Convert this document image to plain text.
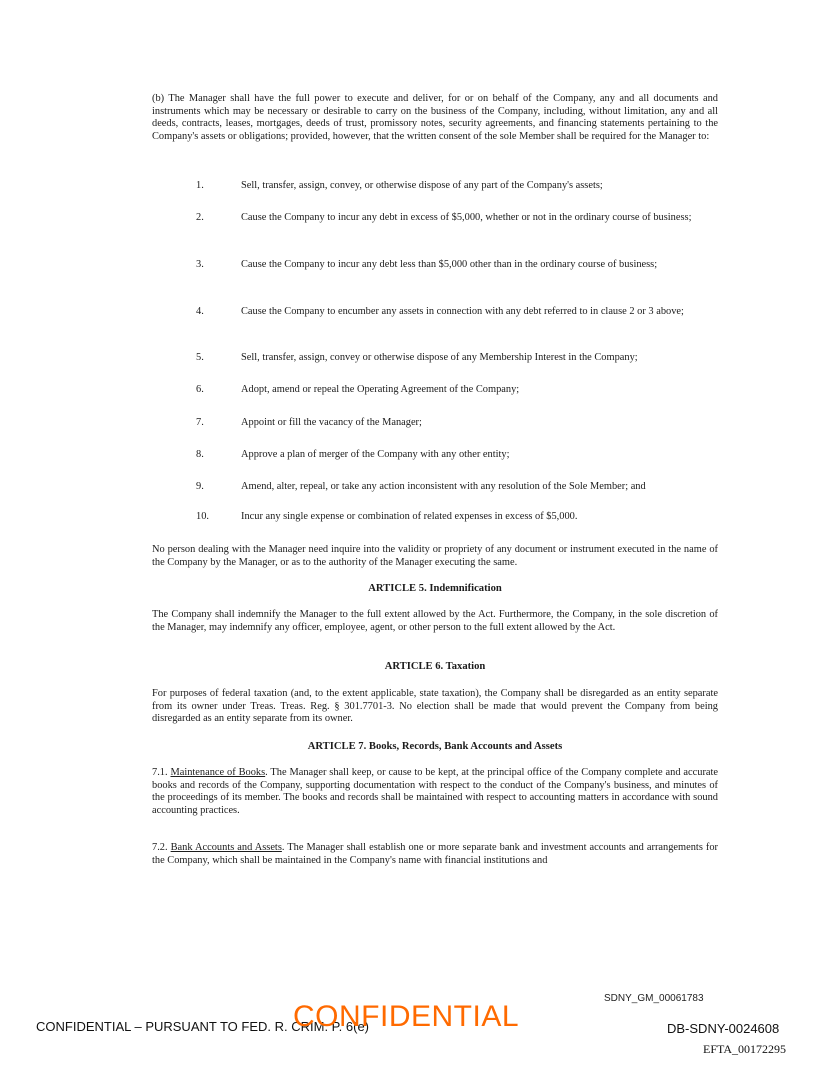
(b) The Manager shall have the full power to execute and deliver, for or on behalf of the Company, any and all documents and instruments which may be necessary or desirable to carry on the business of the Company, including, without limitation, any and all deeds, contracts, leases, mortgages, deeds of trust, promissory notes, security agreements, and financing statements pertaining to the Company's assets or obligations; provided, however, that the written consent of the sole Member shall be required for the Manager to:
1.	Sell, transfer, assign, convey, or otherwise dispose of any part of the Company's assets;
2.	Cause the Company to incur any debt in excess of $5,000, whether or not in the ordinary course of business;
3.	Cause the Company to incur any debt less than $5,000 other than in the ordinary course of business;
4.	Cause the Company to encumber any assets in connection with any debt referred to in clause 2 or 3 above;
5.	Sell, transfer, assign, convey or otherwise dispose of any Membership Interest in the Company;
6.	Adopt, amend or repeal the Operating Agreement of the Company;
7.	Appoint or fill the vacancy of the Manager;
8.	Approve a plan of merger of the Company with any other entity;
9.	Amend, alter, repeal, or take any action inconsistent with any resolution of the Sole Member; and
10.	Incur any single expense or combination of related expenses in excess of $5,000.
No person dealing with the Manager need inquire into the validity or propriety of any document or instrument executed in the name of the Company by the Manager, or as to the authority of the Manager executing the same.
ARTICLE 5. Indemnification
The Company shall indemnify the Manager to the full extent allowed by the Act. Furthermore, the Company, in the sole discretion of the Manager, may indemnify any officer, employee, agent, or other person to the full extent allowed by the Act.
ARTICLE 6. Taxation
For purposes of federal taxation (and, to the extent applicable, state taxation), the Company shall be disregarded as an entity separate from its owner under Treas. Treas. Reg. § 301.7701-3. No election shall be made that would prevent the Company from being disregarded as an entity separate from its owner.
ARTICLE 7. Books, Records, Bank Accounts and Assets
7.1. Maintenance of Books. The Manager shall keep, or cause to be kept, at the principal office of the Company complete and accurate books and records of the Company, supporting documentation with respect to the conduct of the Company's business, and minutes of the proceedings of its member. The books and records shall be maintained with respect to accounting matters in accordance with sound accounting practices.
7.2. Bank Accounts and Assets. The Manager shall establish one or more separate bank and investment accounts and arrangements for the Company, which shall be maintained in the Company's name with financial institutions and
SDNY_GM_00061783
CONFIDENTIAL – PURSUANT TO FED. R. CRIM. P. 6(e)
CONFIDENTIAL	DB-SDNY-0024608
EFTA_00172295
